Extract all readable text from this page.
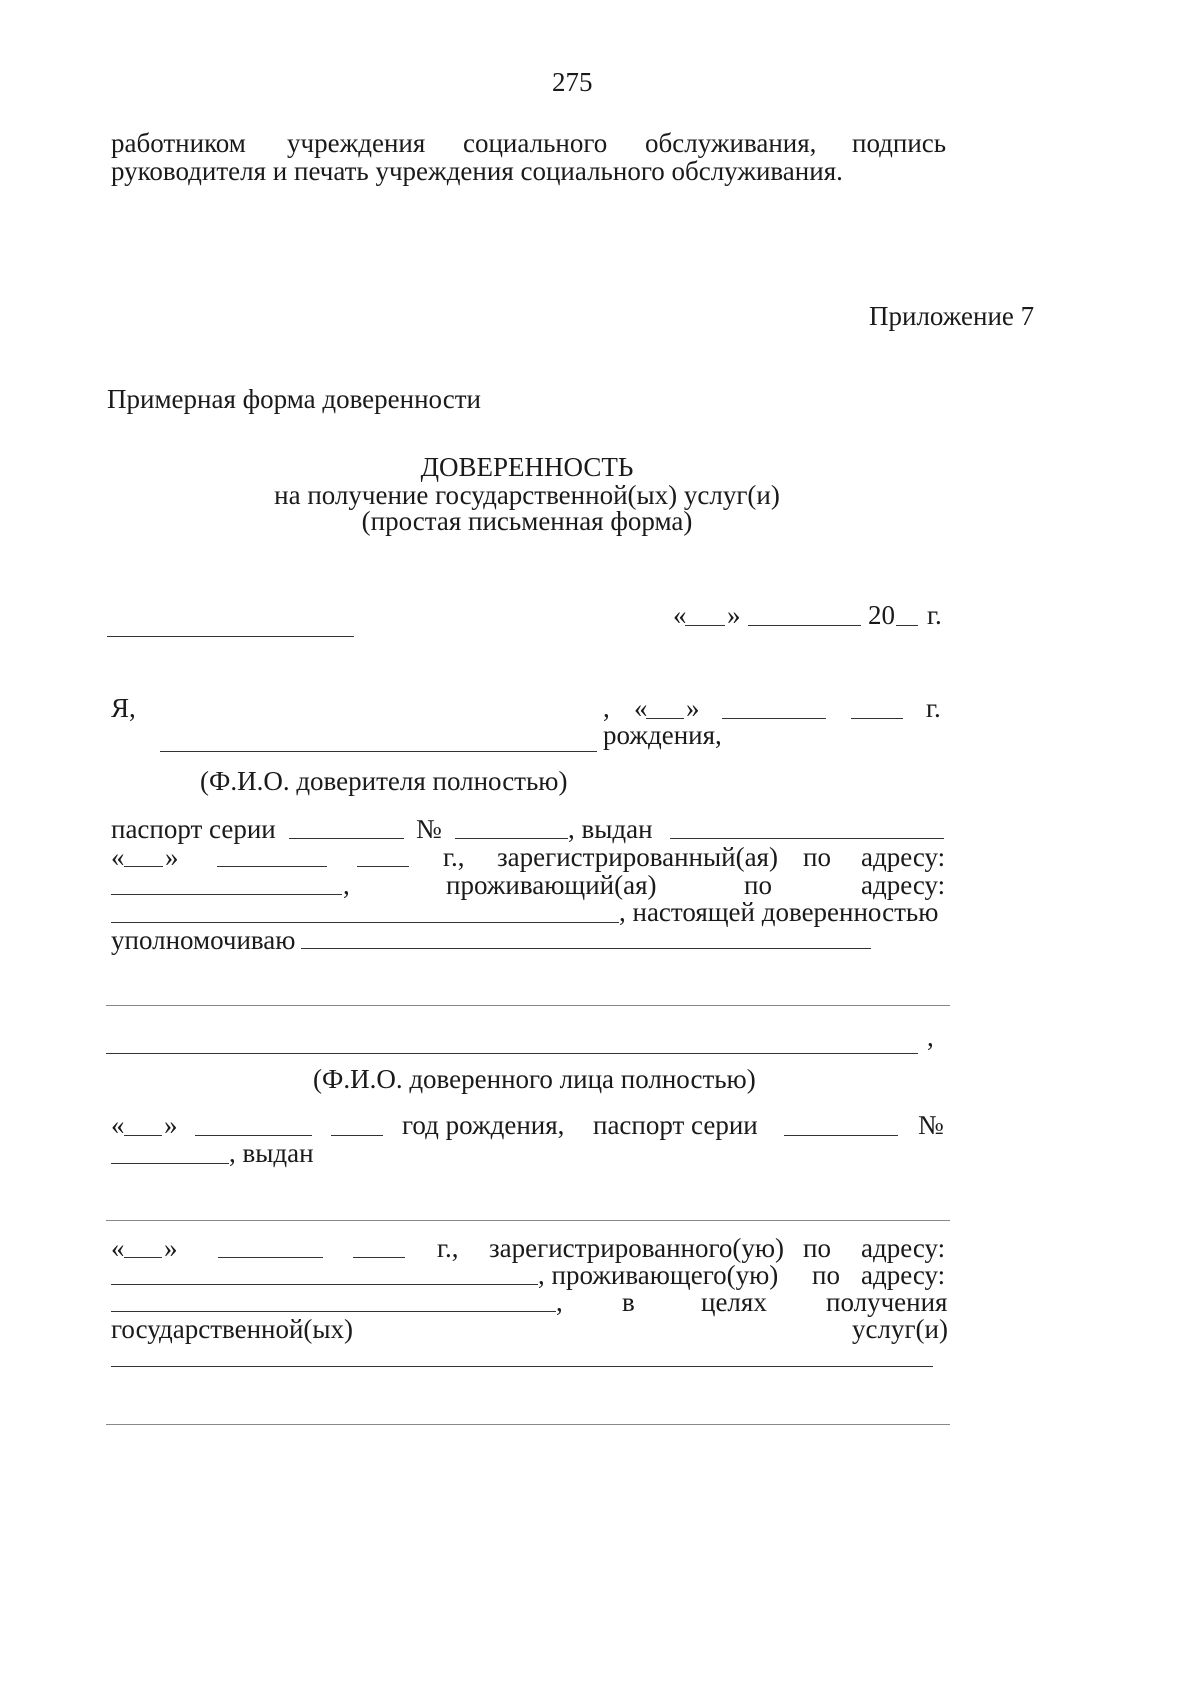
275
работником учреждения социального обслуживания, подпись
руководителя и печать учреждения социального обслуживания.
Приложение 7
Примерная форма доверенности
ДОВЕРЕННОСТЬ
на получение государственной(ых) услуг(и)
(простая письменная форма)
« »	20 г.
Я,	, « »	г.
рождения,
(Ф.И.О. доверителя полностью)
паспорт серии	№	, выдан
« »	г., зарегистрированный(ая) по адресу:
,	проживающий(ая)	по	адресу:
, настоящей доверенностью
уполномочиваю
,
(Ф.И.О. доверенного лица полностью)
« »	год рождения, паспорт серии	№
, выдан
« »	г., зарегистрированного(ую) по адресу:
, проживающего(ую) по адресу:
, в целях получения
государственной(ых)	услуг(и)
